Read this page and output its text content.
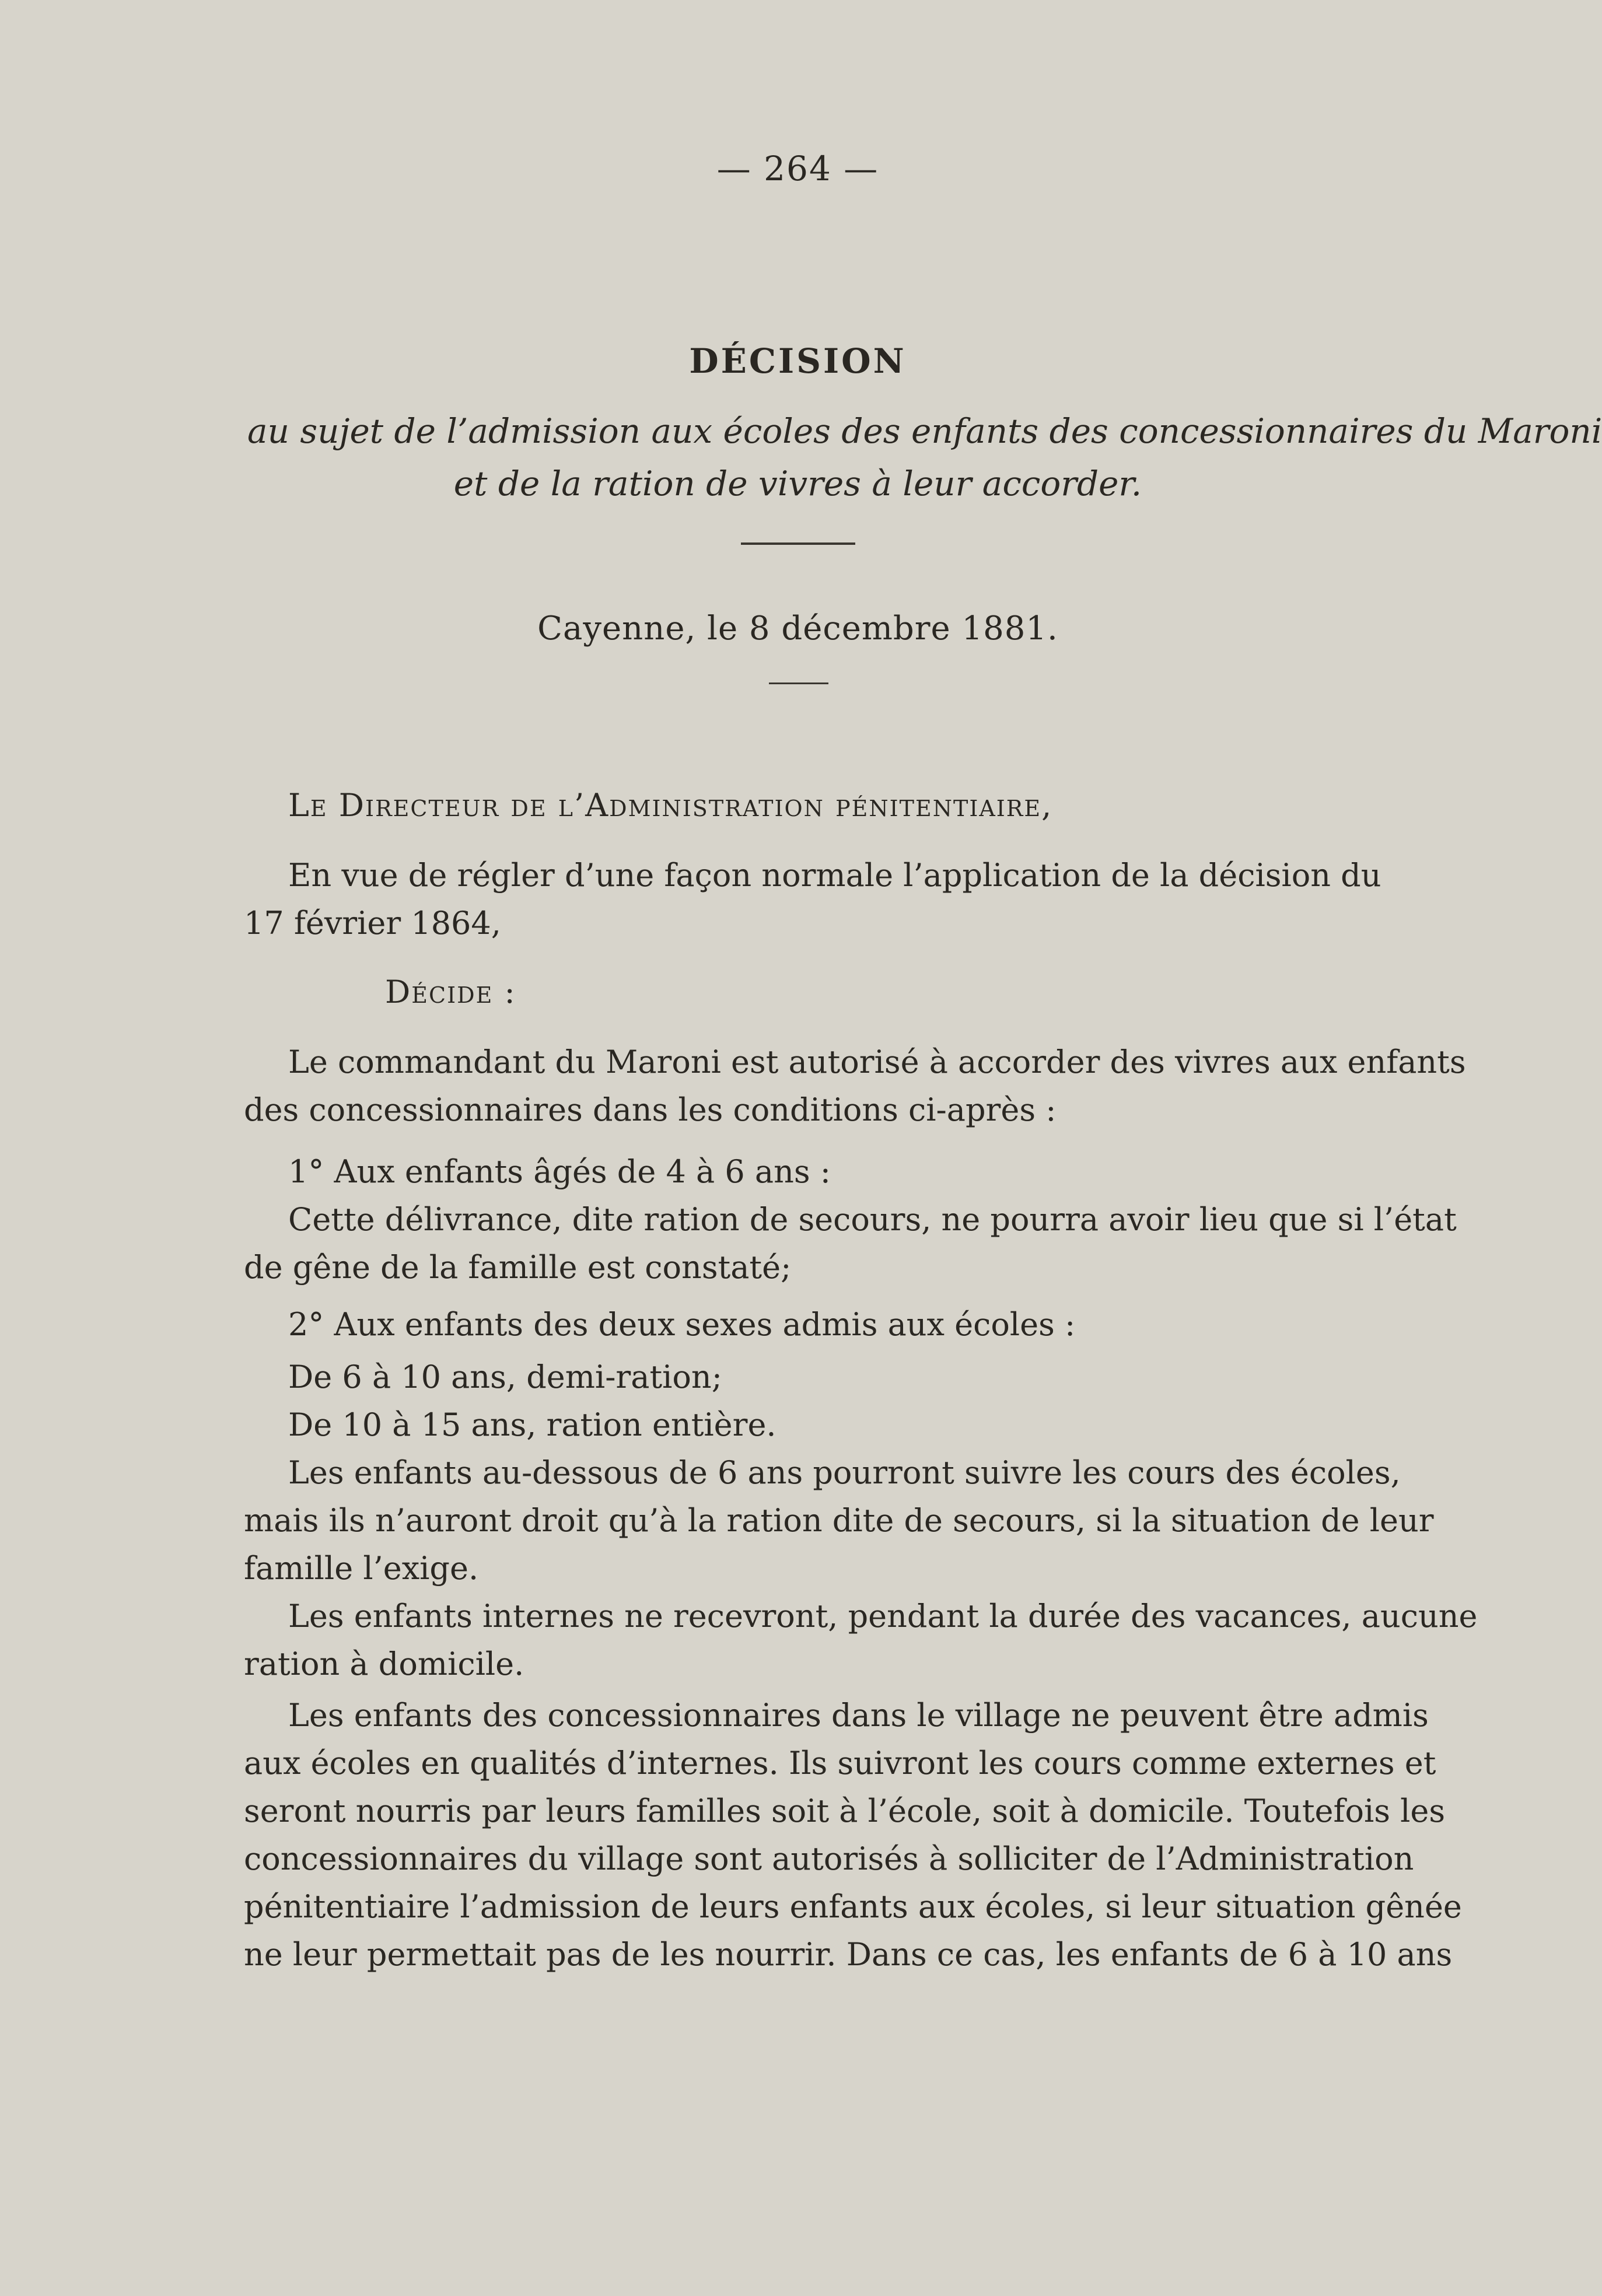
— 264 —
DÉCISION
au sujet de l’admission aux écoles des enfants des concessionnaires du Maroni
et de la ration de vivres à leur accorder.
Cayenne, le 8 décembre 1881.
Le Directeur de l’Administration pénitentiaire,
En vue de régler d’une façon normale l’application de la décision du
17 février 1864,
Décide :
Le commandant du Maroni est autorisé à accorder des vivres aux enfants
des concessionnaires dans les conditions ci-après :
1° Aux enfants âgés de 4 à 6 ans :
Cette délivrance, dite ration de secours, ne pourra avoir lieu que si l’état
de gêne de la famille est constaté;
2° Aux enfants des deux sexes admis aux écoles :
De 6 à 10 ans, demi-ration;
De 10 à 15 ans, ration entière.
Les enfants au-dessous de 6 ans pourront suivre les cours des écoles,
mais ils n’auront droit qu’à la ration dite de secours, si la situation de leur
famille l’exige.
Les enfants internes ne recevront, pendant la durée des vacances, aucune
ration à domicile.
Les enfants des concessionnaires dans le village ne peuvent être admis
aux écoles en qualités d’internes. Ils suivront les cours comme externes et
seront nourris par leurs familles soit à l’école, soit à domicile. Toutefois les
concessionnaires du village sont autorisés à solliciter de l’Administration
pénitentiaire l’admission de leurs enfants aux écoles, si leur situation gênée
ne leur permettait pas de les nourrir. Dans ce cas, les enfants de 6 à 10 ans
